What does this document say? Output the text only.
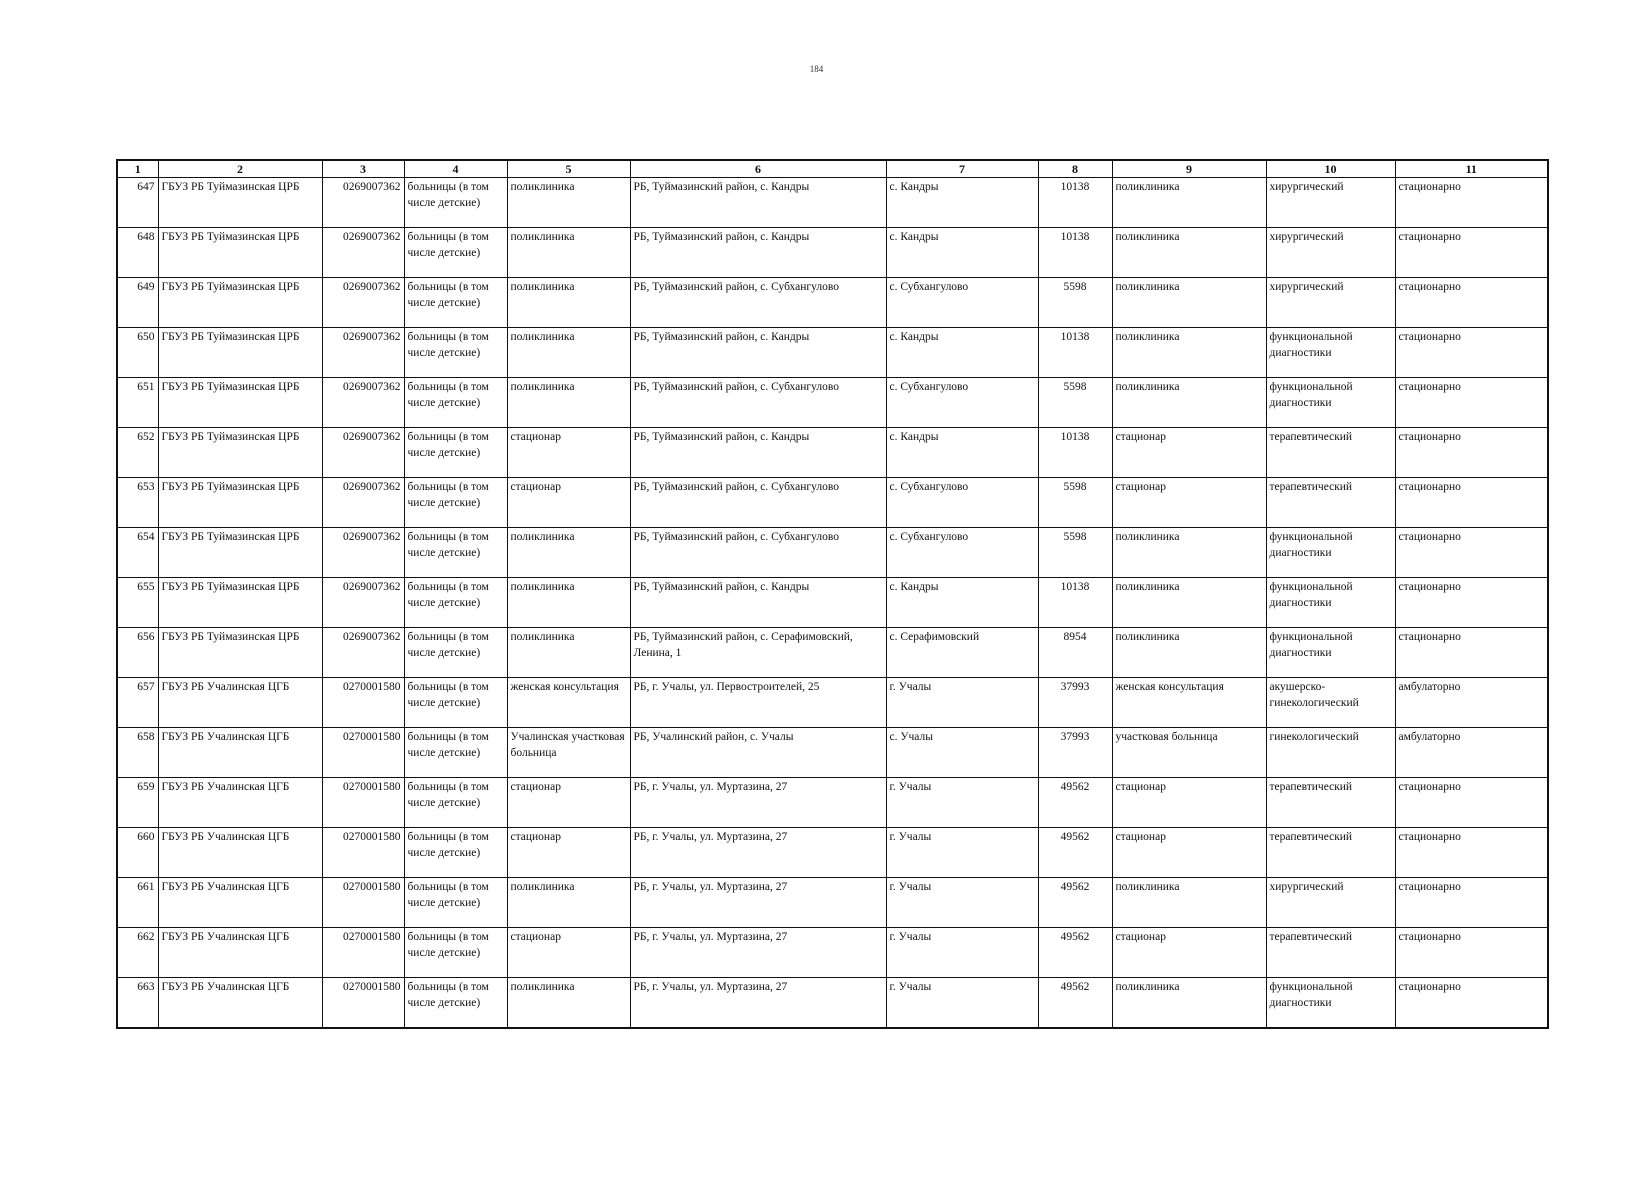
184
1	2	3	4	5	6	7	8	9	10	11
647	ГБУЗ РБ Туймазинская ЦРБ	0269007362	больницы (в том числе детские)	поликлиника	РБ, Туймазинский район, с. Кандры	с. Кандры	10138	поликлиника	хирургический	стационарно
648	ГБУЗ РБ Туймазинская ЦРБ	0269007362	больницы (в том числе детские)	поликлиника	РБ, Туймазинский район, с. Кандры	с. Кандры	10138	поликлиника	хирургический	стационарно
649	ГБУЗ РБ Туймазинская ЦРБ	0269007362	больницы (в том числе детские)	поликлиника	РБ, Туймазинский район, с. Субхангулово	с. Субхангулово	5598	поликлиника	хирургический	стационарно
650	ГБУЗ РБ Туймазинская ЦРБ	0269007362	больницы (в том числе детские)	поликлиника	РБ, Туймазинский район, с. Кандры	с. Кандры	10138	поликлиника	функциональной диагностики	стационарно
651	ГБУЗ РБ Туймазинская ЦРБ	0269007362	больницы (в том числе детские)	поликлиника	РБ, Туймазинский район, с. Субхангулово	с. Субхангулово	5598	поликлиника	функциональной диагностики	стационарно
652	ГБУЗ РБ Туймазинская ЦРБ	0269007362	больницы (в том числе детские)	стационар	РБ, Туймазинский район, с. Кандры	с. Кандры	10138	стационар	терапевтический	стационарно
653	ГБУЗ РБ Туймазинская ЦРБ	0269007362	больницы (в том числе детские)	стационар	РБ, Туймазинский район, с. Субхангулово	с. Субхангулово	5598	стационар	терапевтический	стационарно
654	ГБУЗ РБ Туймазинская ЦРБ	0269007362	больницы (в том числе детские)	поликлиника	РБ, Туймазинский район, с. Субхангулово	с. Субхангулово	5598	поликлиника	функциональной диагностики	стационарно
655	ГБУЗ РБ Туймазинская ЦРБ	0269007362	больницы (в том числе детские)	поликлиника	РБ, Туймазинский район, с. Кандры	с. Кандры	10138	поликлиника	функциональной диагностики	стационарно
656	ГБУЗ РБ Туймазинская ЦРБ	0269007362	больницы (в том числе детские)	поликлиника	РБ, Туймазинский район, с. Серафимовский, Ленина, 1	с. Серафимовский	8954	поликлиника	функциональной диагностики	стационарно
657	ГБУЗ РБ Учалинская ЦГБ	0270001580	больницы (в том числе детские)	женская консультация	РБ, г. Учалы, ул. Первостроителей, 25	г. Учалы	37993	женская консультация	акушерско-гинекологический	амбулаторно
658	ГБУЗ РБ Учалинская ЦГБ	0270001580	больницы (в том числе детские)	Учалинская участковая больница	РБ, Учалинский район, с. Учалы	с. Учалы	37993	участковая больница	гинекологический	амбулаторно
659	ГБУЗ РБ Учалинская ЦГБ	0270001580	больницы (в том числе детские)	стационар	РБ, г. Учалы, ул. Муртазина, 27	г. Учалы	49562	стационар	терапевтический	стационарно
660	ГБУЗ РБ Учалинская ЦГБ	0270001580	больницы (в том числе детские)	стационар	РБ, г. Учалы, ул. Муртазина, 27	г. Учалы	49562	стационар	терапевтический	стационарно
661	ГБУЗ РБ Учалинская ЦГБ	0270001580	больницы (в том числе детские)	поликлиника	РБ, г. Учалы, ул. Муртазина, 27	г. Учалы	49562	поликлиника	хирургический	стационарно
662	ГБУЗ РБ Учалинская ЦГБ	0270001580	больницы (в том числе детские)	стационар	РБ, г. Учалы, ул. Муртазина, 27	г. Учалы	49562	стационар	терапевтический	стационарно
663	ГБУЗ РБ Учалинская ЦГБ	0270001580	больницы (в том числе детские)	поликлиника	РБ, г. Учалы, ул. Муртазина, 27	г. Учалы	49562	поликлиника	функциональной диагностики	стационарно
